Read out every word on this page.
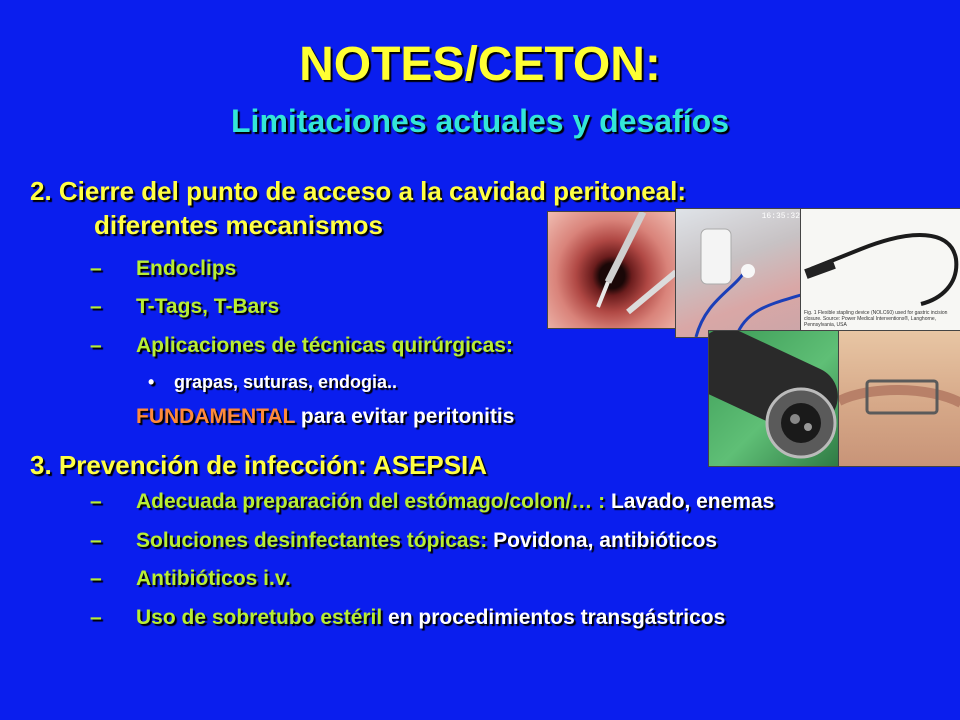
NOTES/CETON:
Limitaciones actuales y desafíos
16:35:32
Fig. 1 Flexible stapling device (NOLC60) used for gastric incision closure. Source: Power Medical Interventions®, Langhorne, Pennsylvania, USA
2. Cierre del punto de acceso a la cavidad peritoneal:
diferentes mecanismos
– Endoclips
– T-Tags, T-Bars
– Aplicaciones de técnicas quirúrgicas:
• grapas, suturas, endogia..
FUNDAMENTAL para evitar peritonitis
3. Prevención de infección: ASEPSIA
– Adecuada preparación del estómago/colon/… : Lavado, enemas
– Soluciones desinfectantes tópicas: Povidona, antibióticos
– Antibióticos i.v.
– Uso de sobretubo estéril en procedimientos transgástricos
